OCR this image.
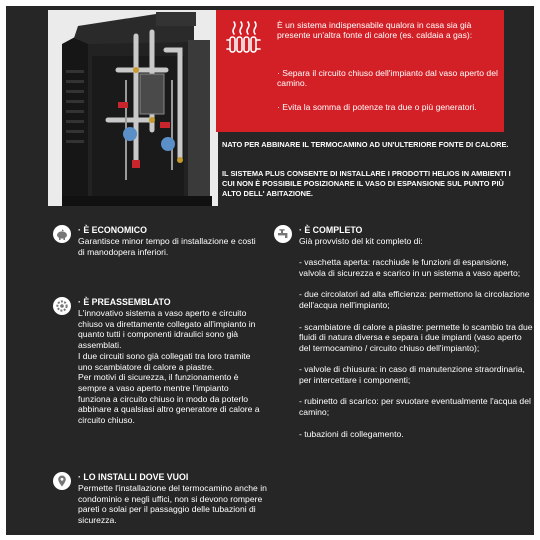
È un sistema indispensabile qualora in casa sia già presente un'altra fonte di calore (es. caldaia a gas):

· Separa il circuito chiuso dell'impianto dal vaso aperto del camino.

· Evita la somma di potenze tra due o più generatori.

NATO PER ABBINARE IL TERMOCAMINO AD UN'ULTERIORE FONTE DI CALORE.

IL SISTEMA PLUS CONSENTE DI INSTALLARE I PRODOTTI HELIOS IN AMBIENTI I CUI NON È POSSIBILE POSIZIONARE IL VASO DI ESPANSIONE SUL PUNTO PIÙ ALTO DELL' ABITAZIONE.

· È ECONOMICO

Garantisce minor tempo di installazione e costi di manodopera inferiori.

· È PREASSEMBLATO

L'innovativo sistema a vaso aperto e circuito chiuso va direttamente collegato all'impianto in quanto tutti i componenti idraulici sono già assemblati.
I due circuiti sono già collegati tra loro tramite uno scambiatore di calore a piastre.
Per motivi di sicurezza, il funzionamento è sempre a vaso aperto mentre l'impianto funziona a circuito chiuso in modo da poterlo abbinare a qualsiasi altro generatore di calore a circuito chiuso.

· LO INSTALLI DOVE VUOI

Permette l'installazione del termocamino anche in condominio e negli uffici, non si devono rompere pareti o solai per il passaggio delle tubazioni di sicurezza.

· È COMPLETO

Già provvisto del kit completo di:
- vaschetta aperta: racchiude le funzioni di espansione, valvola di sicurezza e scarico in un sistema a vaso aperto;
- due circolatori ad alta efficienza: permettono la circolazione dell'acqua nell'impianto;
- scambiatore di calore a piastre: permette lo scambio tra due fluidi di natura diversa e separa i due impianti (vaso aperto del termocamino / circuito chiuso dell'impianto);
- valvole di chiusura: in caso di manutenzione straordinaria, per intercettare i componenti;
- rubinetto di scarico: per svuotare eventualmente l'acqua del camino;
- tubazioni di collegamento.
